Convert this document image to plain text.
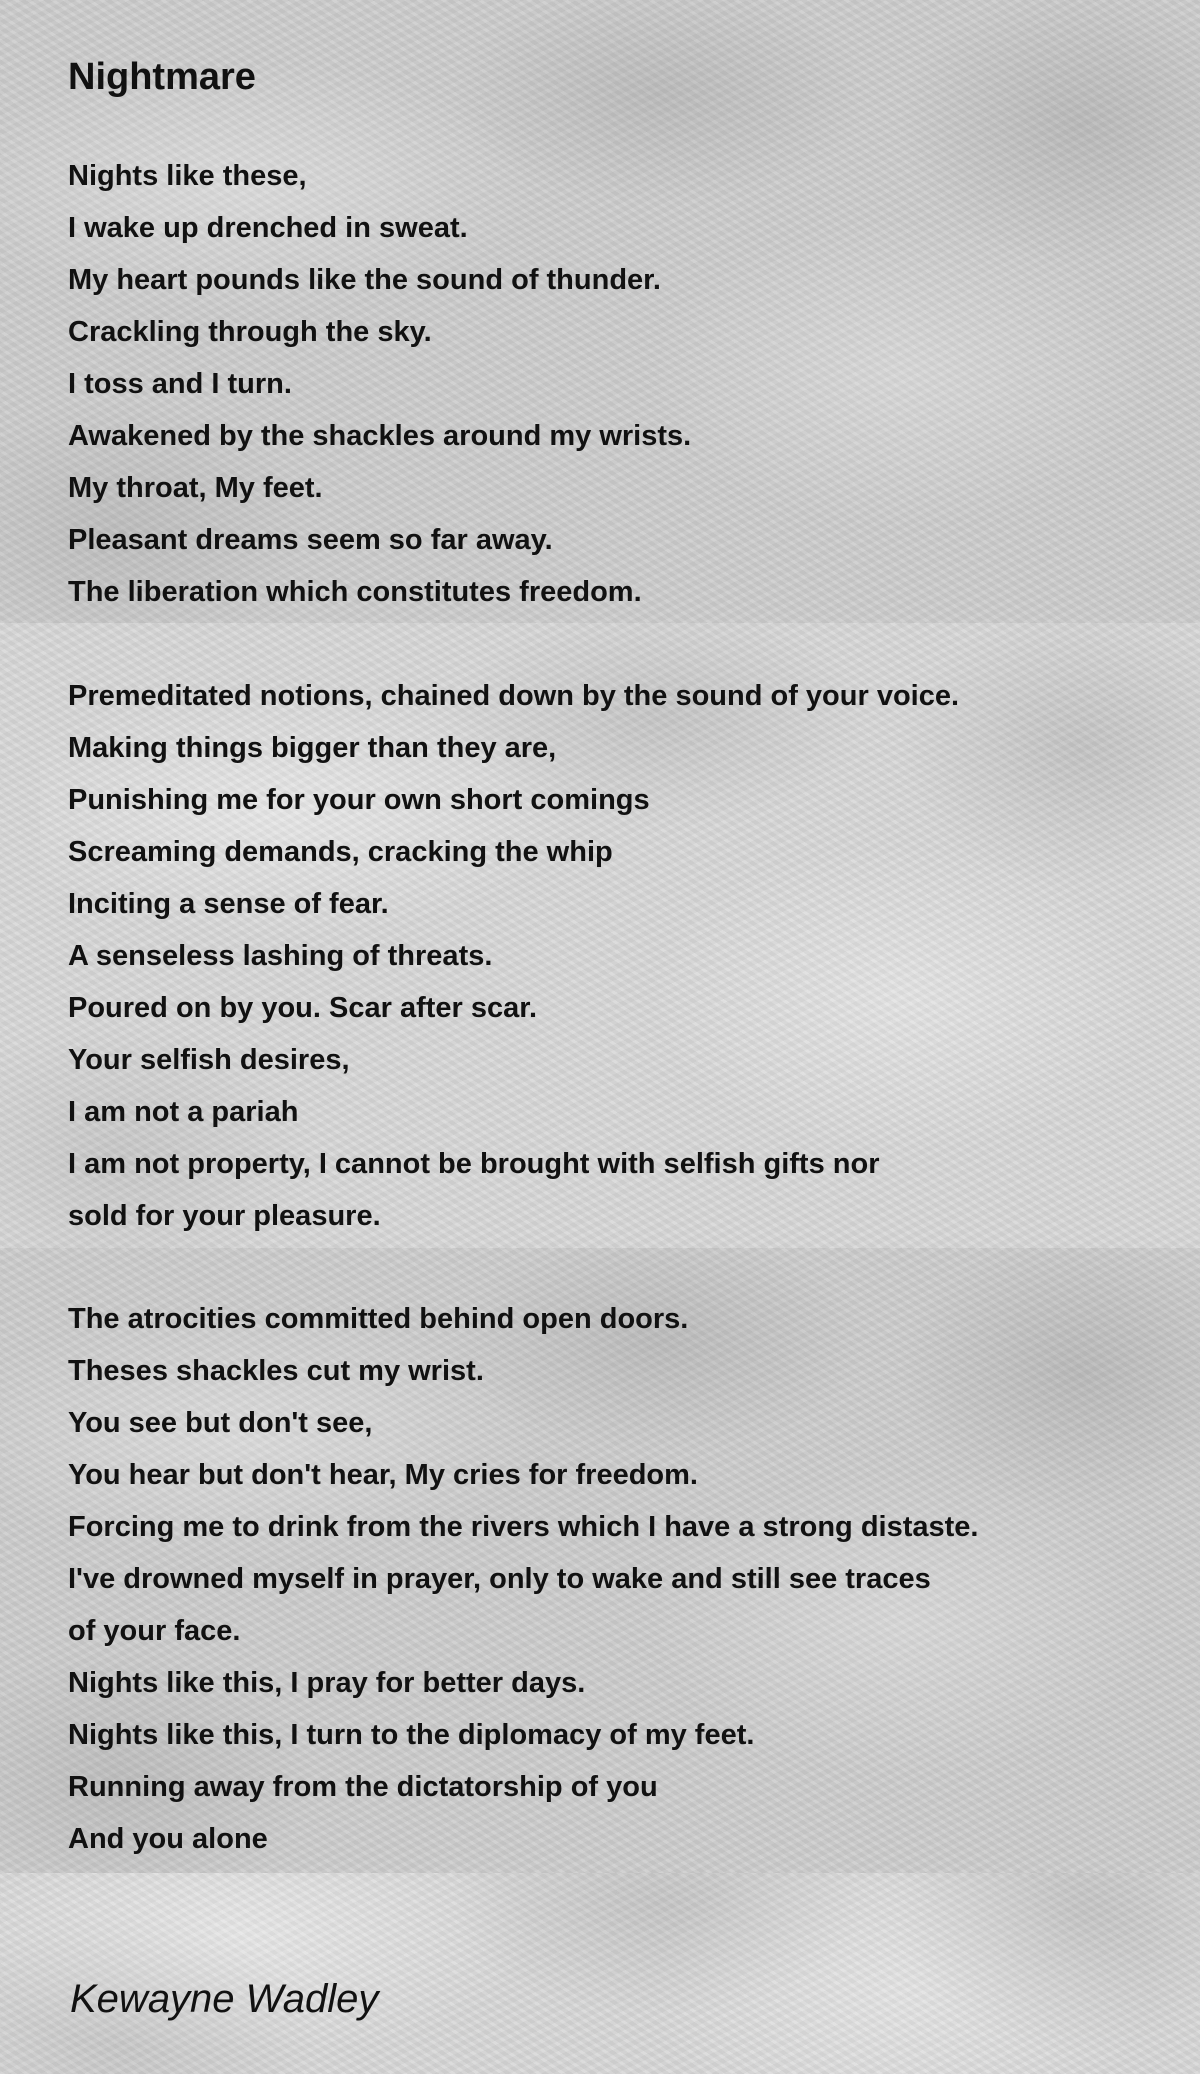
Nightmare
Nights like these,
I wake up drenched in sweat.
My heart pounds like the sound of thunder.
Crackling through the sky.
I toss and I turn.
Awakened by the shackles around my wrists.
My throat, My feet.
Pleasant dreams seem so far away.
The liberation which constitutes freedom.
Premeditated notions, chained down by the sound of your voice.
Making things bigger than they are,
Punishing me for your own short comings
Screaming demands, cracking the whip
Inciting a sense of fear.
A senseless lashing of threats.
Poured on by you. Scar after scar.
Your selfish desires,
I am not a pariah
I am not property, I cannot be brought with selfish gifts nor
sold for your pleasure.
The atrocities committed behind open doors.
Theses shackles cut my wrist.
You see but don't see,
You hear but don't hear, My cries for freedom.
Forcing me to drink from the rivers which I have a strong distaste.
I've drowned myself in prayer, only to wake and still see traces
of your face.
Nights like this, I pray for better days.
Nights like this, I turn to the diplomacy of my feet.
Running away from the dictatorship of you
And you alone
Kewayne Wadley
